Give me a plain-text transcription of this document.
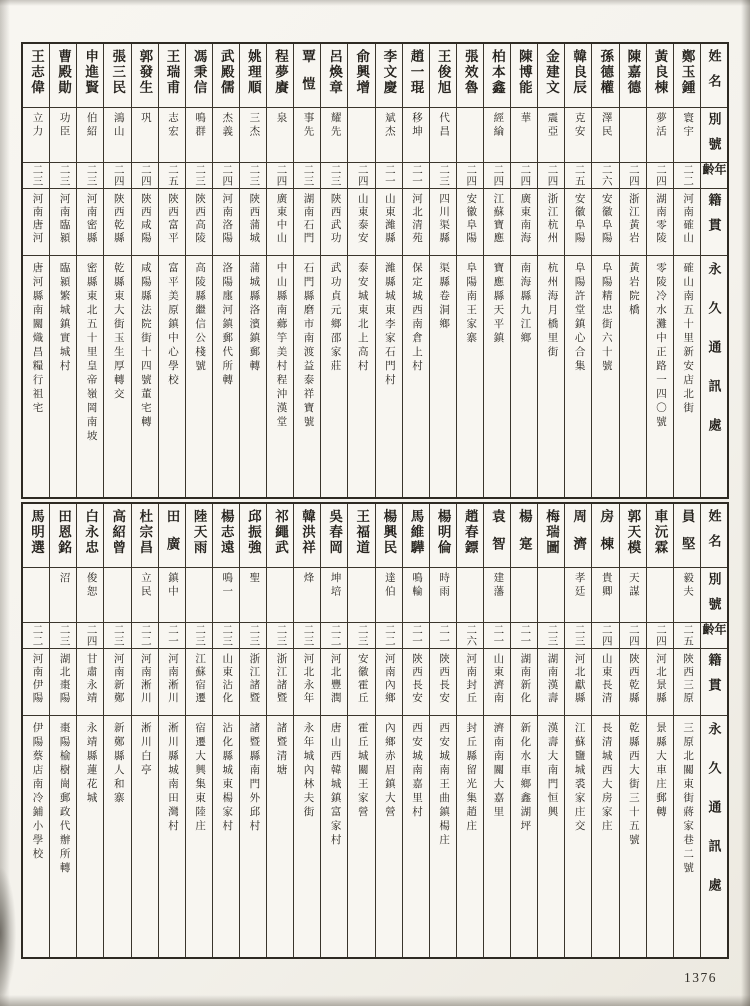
姓名
別號
年齡
籍貫
永久通訊處
鄭玉鍾
寰宇
二二
河南確山
確山南五十里新安店北街
黃良棟
夢活
二四
湖南零陵
零陵冷水灘中正路一四〇號
陳嘉德
二四
浙江黃岩
黃岩院橋
孫德權
澤民
二六
安徽阜陽
阜陽精忠街六十號
韓良辰
克安
二五
安徽阜陽
阜陽許堂鎮心合集
金建文
震亞
二四
浙江杭州
杭州海月橋里街
陳博能
華
二四
廣東南海
南海縣九江鄉
柏本鑫
經綸
二四
江蘇寶應
寶應縣天平鎮
張效魯
二四
安徽阜陽
阜陽南王家寨
王俊旭
代昌
二三
四川渠縣
渠縣卷洞鄉
趙一琨
移坤
二一
河北清苑
保定城西南倉上村
李文慶
斌杰
二一
山東濰縣
濰縣城東李家石門村
俞興增
二四
山東泰安
泰安城東北上高村
呂煥章
耀先
二三
陝西武功
武功貞元鄉邵家莊
覃愷
事先
二三
湖南石門
石門縣磨市南渡益泰祥寶號
程夢賡
泉
二四
廣東中山
中山縣南薌竽美村程沖漢堂
姚理順
三杰
二三
陝西蒲城
蒲城縣洛濱鎮郵轉
武殿儒
杰義
二四
河南洛陽
洛陽廛河鎮郵代所轉
馮秉信
鳴群
二三
陝西高陵
高陵縣繼信公棧號
王瑞甫
志宏
二五
陝西富平
富平美原鎮中心學校
郭發生
巩
二四
陝西咸陽
咸陽縣法院街十四號董宅轉
張三民
鴻山
二四
陝西乾縣
乾縣東大街玉生厚轉交
申進賢
伯紹
二三
河南密縣
密縣東北五十里皇帝嶺岡南坡
曹殿勛
功臣
二三
河南臨潁
臨潁繁城鎮實城村
王志偉
立力
二三
河南唐河
唐河縣南關熾昌糧行祖宅
姓名
別號
年齡
籍貫
永久通訊處
員堅
毅夫
二五
陝西三原
三原北關東街蔣家巷二號
車沅霖
二四
河北景縣
景縣大車庄郵轉
郭天模
天謀
二四
陝西乾縣
乾縣西大街三十五號
房棟
貴卿
二四
山東長清
長清城西大房家庄
周濟
孝廷
二三
河北獻縣
江蘇鹽城裘家庄交
梅瑞圖
二三
湖南漢壽
漢壽大南門恒興
楊寔
二一
湖南新化
新化水車鄉鑫湖坪
袁智
建藩
二一
山東濟南
濟南南關大嘉里
趙春鏢
二六
河南封丘
封丘縣留光集趙庄
楊明倫
時雨
二一
陝西長安
西安城南王曲鎮楊庄
馬維驊
鳴輪
二一
陝西長安
西安城南嘉里村
楊興民
達伯
二二
河南內鄉
內鄉赤眉鎮大營
王福道
二三
安徽霍丘
霍丘城關王家營
吳春岡
坤培
二二
河北豐潤
唐山西韓城鎮富家村
韓洪祥
烽
二三
河北永年
永年城內林夫街
祁繩武
二三
浙江諸暨
諸暨清塘
邱振強
聖
二三
浙江諸暨
諸暨縣南門外邱村
楊志遠
鳴一
二三
山東沾化
沾化縣城東楊家村
陸天雨
二三
江蘇宿遷
宿遷大興集東陸庄
田廣
鎮中
二一
河南淅川
淅川縣城南田灣村
杜宗昌
立民
二二
河南淅川
淅川白亭
高紹曾
二三
河南新鄭
新鄭縣人和寨
白永忠
俊恕
二四
甘肅永靖
永靖縣蓮花城
田恩銘
沼
二三
湖北棗陽
棗陽榆樹崗郵政代辦所轉
馬明選
二二
河南伊陽
伊陽蔡店南冷鋪小學校
1376
